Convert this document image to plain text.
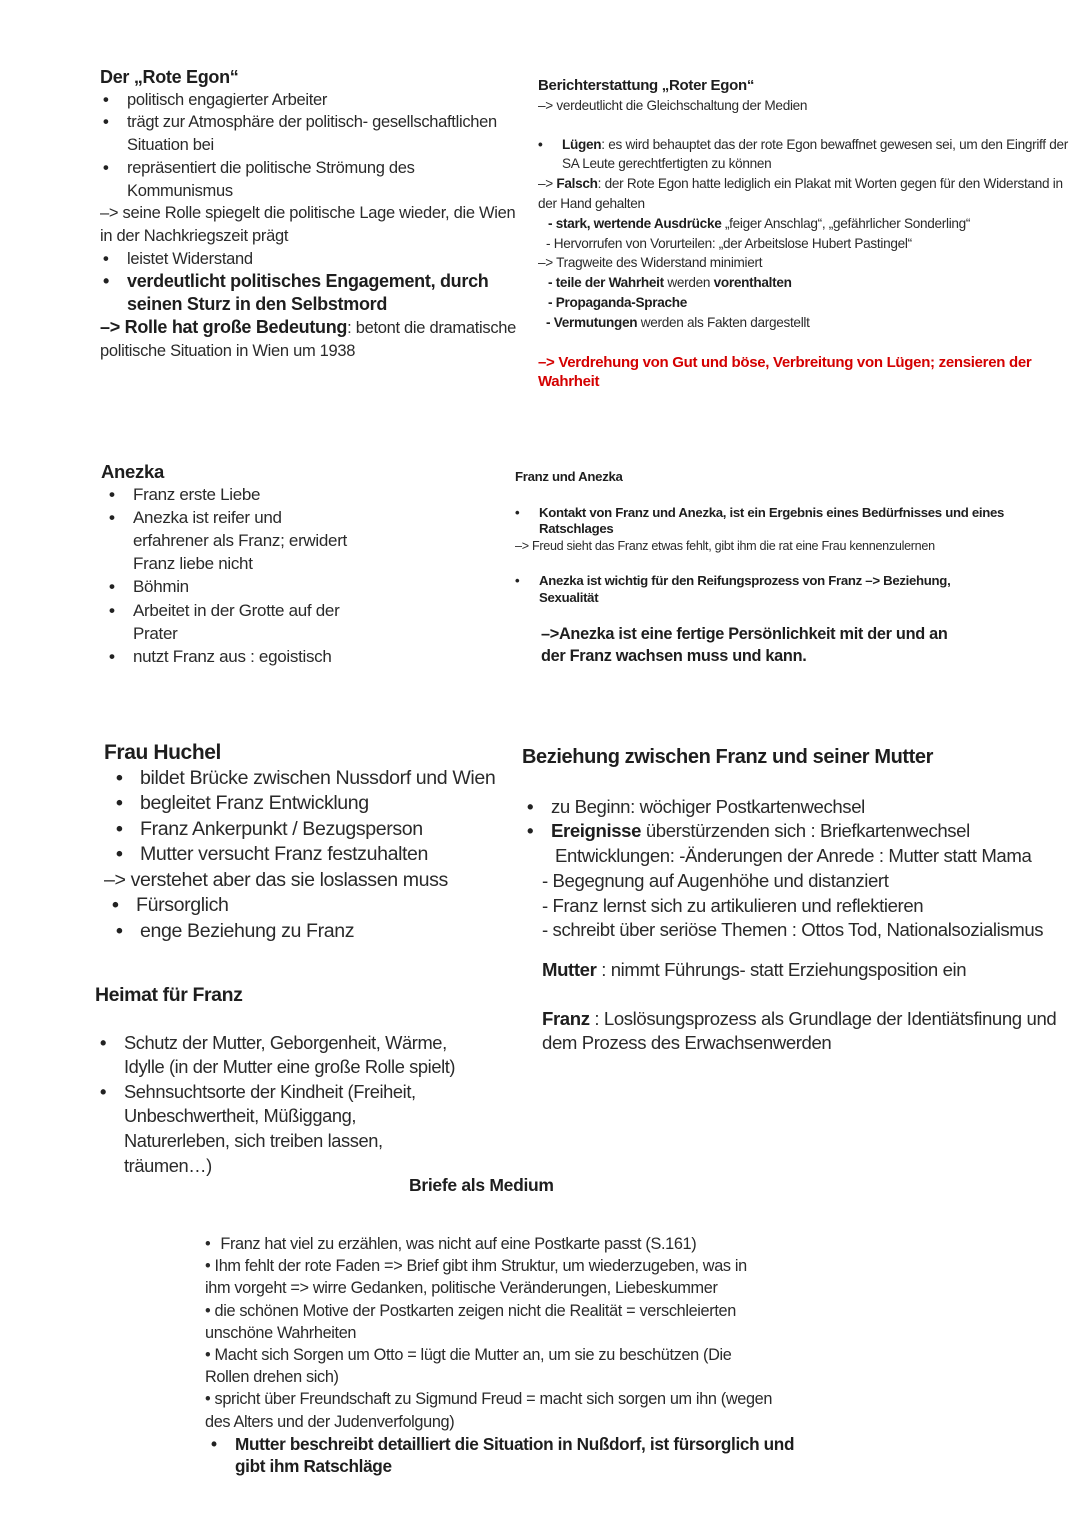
Der „Rote Egon“

• politisch engagierter Arbeiter
• trägt zur Atmosphäre der politisch- gesellschaftlichen Situation bei
• repräsentiert die politische Strömung des Kommunismus

–> seine Rolle spiegelt die politische Lage wieder, die Wien in der Nachkriegszeit prägt

• leistet Widerstand
• verdeutlicht politisches Engagement, durch seinen Sturz in den Selbstmord

–> Rolle hat große Bedeutung: betont die dramatische politische Situation in Wien um 1938

Berichterstattung „Roter Egon“

–> verdeutlicht die Gleichschaltung der Medien

• Lügen: es wird behauptet das der rote Egon bewaffnet gewesen sei, um den Eingriff der SA Leute gerechtfertigten zu können

–> Falsch: der Rote Egon hatte lediglich ein Plakat mit Worten gegen für den Widerstand in der Hand gehalten

- stark, wertende Ausdrücke „feiger Anschlag“, „gefährlicher Sonderling“

- Hervorrufen von Vorurteilen: „der Arbeitslose Hubert Pastingel“

–> Tragweite des Widerstand minimiert

- teile der Wahrheit werden vorenthalten

- Propaganda-Sprache

- Vermutungen werden als Fakten dargestellt

–> Verdrehung von Gut und böse, Verbreitung von Lügen; zensieren der Wahrheit

Anezka

• Franz erste Liebe
• Anezka ist reifer und erfahrener als Franz; erwidert Franz liebe nicht
• Böhmin
• Arbeitet in der Grotte auf der Prater
• nutzt Franz aus : egoistisch

Franz und Anezka

• Kontakt von Franz und Anezka, ist ein Ergebnis eines Bedürfnisses und eines Ratschlages

–> Freud sieht das Franz etwas fehlt, gibt ihm die rat eine Frau kennenzulernen

• Anezka ist wichtig für den Reifungsprozess von Franz –> Beziehung, Sexualität

–>Anezka ist eine fertige Persönlichkeit mit der und an der Franz wachsen muss und kann.

Frau Huchel

• bildet Brücke zwischen Nussdorf und Wien
• begleitet Franz Entwicklung
• Franz Ankerpunkt / Bezugsperson
• Mutter versucht Franz festzuhalten

–> verstehet aber das sie loslassen muss

• Fürsorglich
• enge Beziehung zu Franz

Heimat für Franz

• Schutz der Mutter, Geborgenheit, Wärme, Idylle (in der Mutter eine große Rolle spielt)
• Sehnsuchtsorte der Kindheit (Freiheit, Unbeschwertheit, Müßiggang, Naturerleben, sich treiben lassen, träumen…)

Beziehung zwischen Franz und seiner Mutter

• zu Beginn: wöchiger Postkartenwechsel
• Ereignisse überstürzenden sich : Briefkartenwechsel

Entwicklungen: -Änderungen der Anrede : Mutter statt Mama

- Begegnung auf Augenhöhe und distanziert

- Franz lernst sich zu artikulieren und reflektieren

- schreibt über seriöse Themen : Ottos Tod, Nationalsozialismus

Mutter : nimmt Führungs- statt Erziehungsposition ein

Franz : Loslösungsprozess als Grundlage der Identiätsfinung und dem Prozess des Erwachsenwerden

Briefe als Medium
• Franz hat viel zu erzählen, was nicht auf eine Postkarte passt (S.161)

• Ihm fehlt der rote Faden => Brief gibt ihm Struktur, um wiederzugeben, was in ihm vorgeht => wirre Gedanken, politische Veränderungen, Liebeskummer

• die schönen Motive der Postkarten zeigen nicht die Realität = verschleierten unschöne Wahrheiten

• Macht sich Sorgen um Otto = lügt die Mutter an, um sie zu beschützen (Die Rollen drehen sich)

• spricht über Freundschaft zu Sigmund Freud = macht sich sorgen um ihn (wegen des Alters und der Judenverfolgung)

• Mutter beschreibt detailliert die Situation in Nußdorf, ist fürsorglich und gibt ihm Ratschläge
